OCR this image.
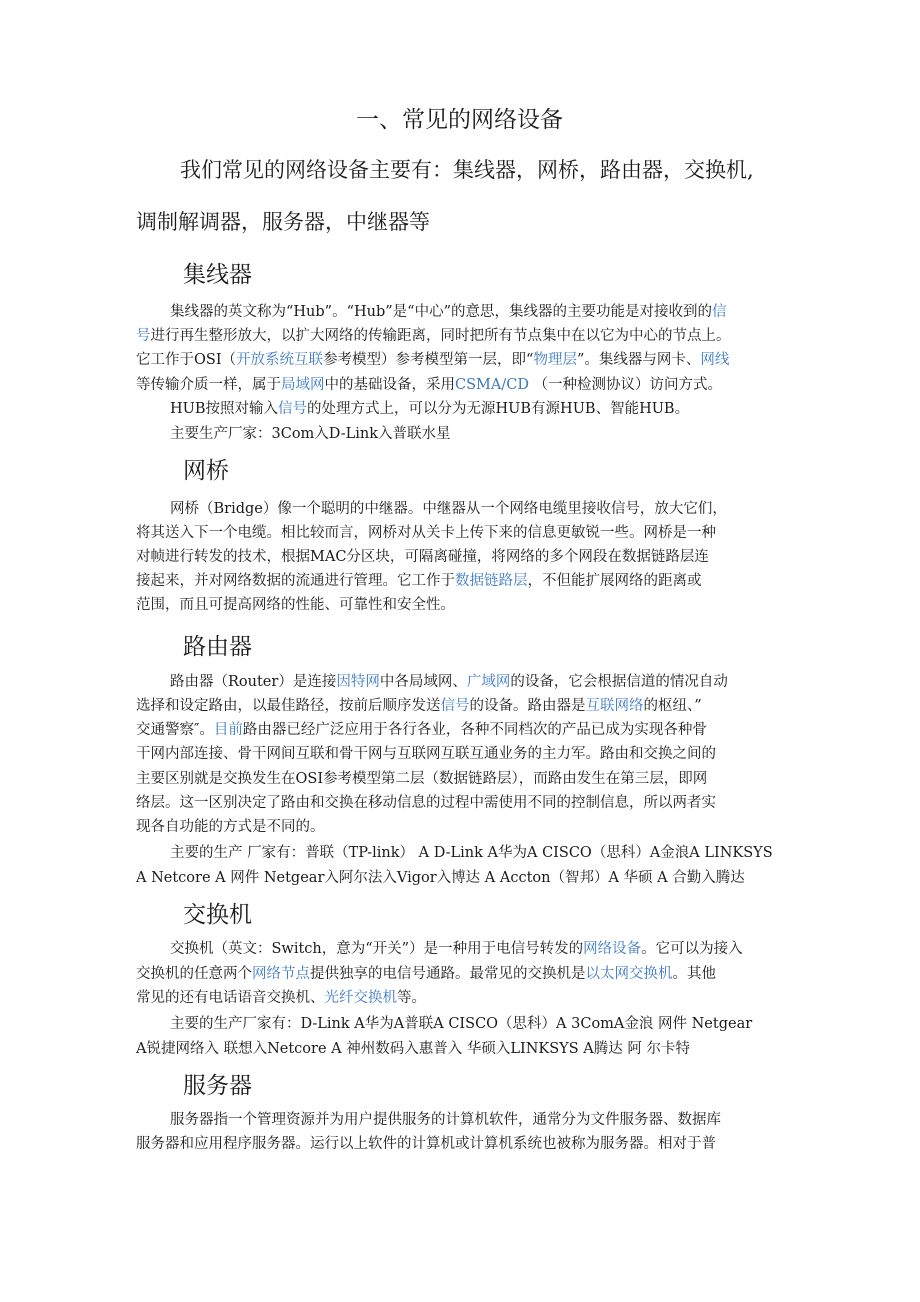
一、常见的网络设备
我们常见的网络设备主要有：集线器，网桥，路由器，交换机,
调制解调器，服务器，中继器等
集线器
集线器的英文称为“Hub”。“Hub”是“中心”的意思，集线器的主要功能是对接收到的信
号进行再生整形放大，以扩大网络的传输距离，同时把所有节点集中在以它为中心的节点上。
它工作于OSI（开放系统互联参考模型）参考模型第一层，即“物理层”。集线器与网卡、网线
等传输介质一样，属于局域网中的基础设备，采用CSMA/CD （一种检测协议）访问方式。
HUB按照对输入信号的处理方式上，可以分为无源HUB有源HUB、智能HUB。
主要生产厂家：3Com入D-Link入普联水星
网桥
网桥（Bridge）像一个聪明的中继器。中继器从一个网络电缆里接收信号，放大它们，
将其送入下一个电缆。相比较而言，网桥对从关卡上传下来的信息更敏锐一些。网桥是一种
对帧进行转发的技术，根据MAC分区块，可隔离碰撞，将网络的多个网段在数据链路层连
接起来，并对网络数据的流通进行管理。它工作于数据链路层，不但能扩展网络的距离或
范围，而且可提高网络的性能、可靠性和安全性。
路由器
路由器（Router）是连接因特网中各局域网、广域网的设备，它会根据信道的情况自动
选择和设定路由，以最佳路径，按前后顺序发送信号的设备。路由器是互联网络的枢纽、”
交通警察″。目前路由器已经广泛应用于各行各业，各种不同档次的产品已成为实现各种骨
干网内部连接、骨干网间互联和骨干网与互联网互联互通业务的主力军。路由和交换之间的
主要区别就是交换发生在OSI参考模型第二层（数据链路层），而路由发生在第三层，即网
络层。这一区别决定了路由和交换在移动信息的过程中需使用不同的控制信息，所以两者实
现各自功能的方式是不同的。
主要的生产 厂家有：普联（TP-link） A D-Link A华为A CISCO（思科）A金浪A LINKSYS
A Netcore A 网件 Netgear入阿尔法入Vigor入博达 A Accton（智邦）A 华硕 A 合勤入腾达
交换机
交换机（英文：Switch，意为“开关”）是一种用于电信号转发的网络设备。它可以为接入
交换机的任意两个网络节点提供独享的电信号通路。最常见的交换机是以太网交换机。其他
常见的还有电话语音交换机、光纤交换机等。
主要的生产厂家有：D-Link A华为A普联A CISCO（思科）A 3ComA金浪 网件 Netgear
A锐捷网络入 联想入Netcore A 神州数码入惠普入 华硕入LINKSYS A腾达 阿 尔卡特
服务器
服务器指一个管理资源并为用户提供服务的计算机软件，通常分为文件服务器、数据库
服务器和应用程序服务器。运行以上软件的计算机或计算机系统也被称为服务器。相对于普
